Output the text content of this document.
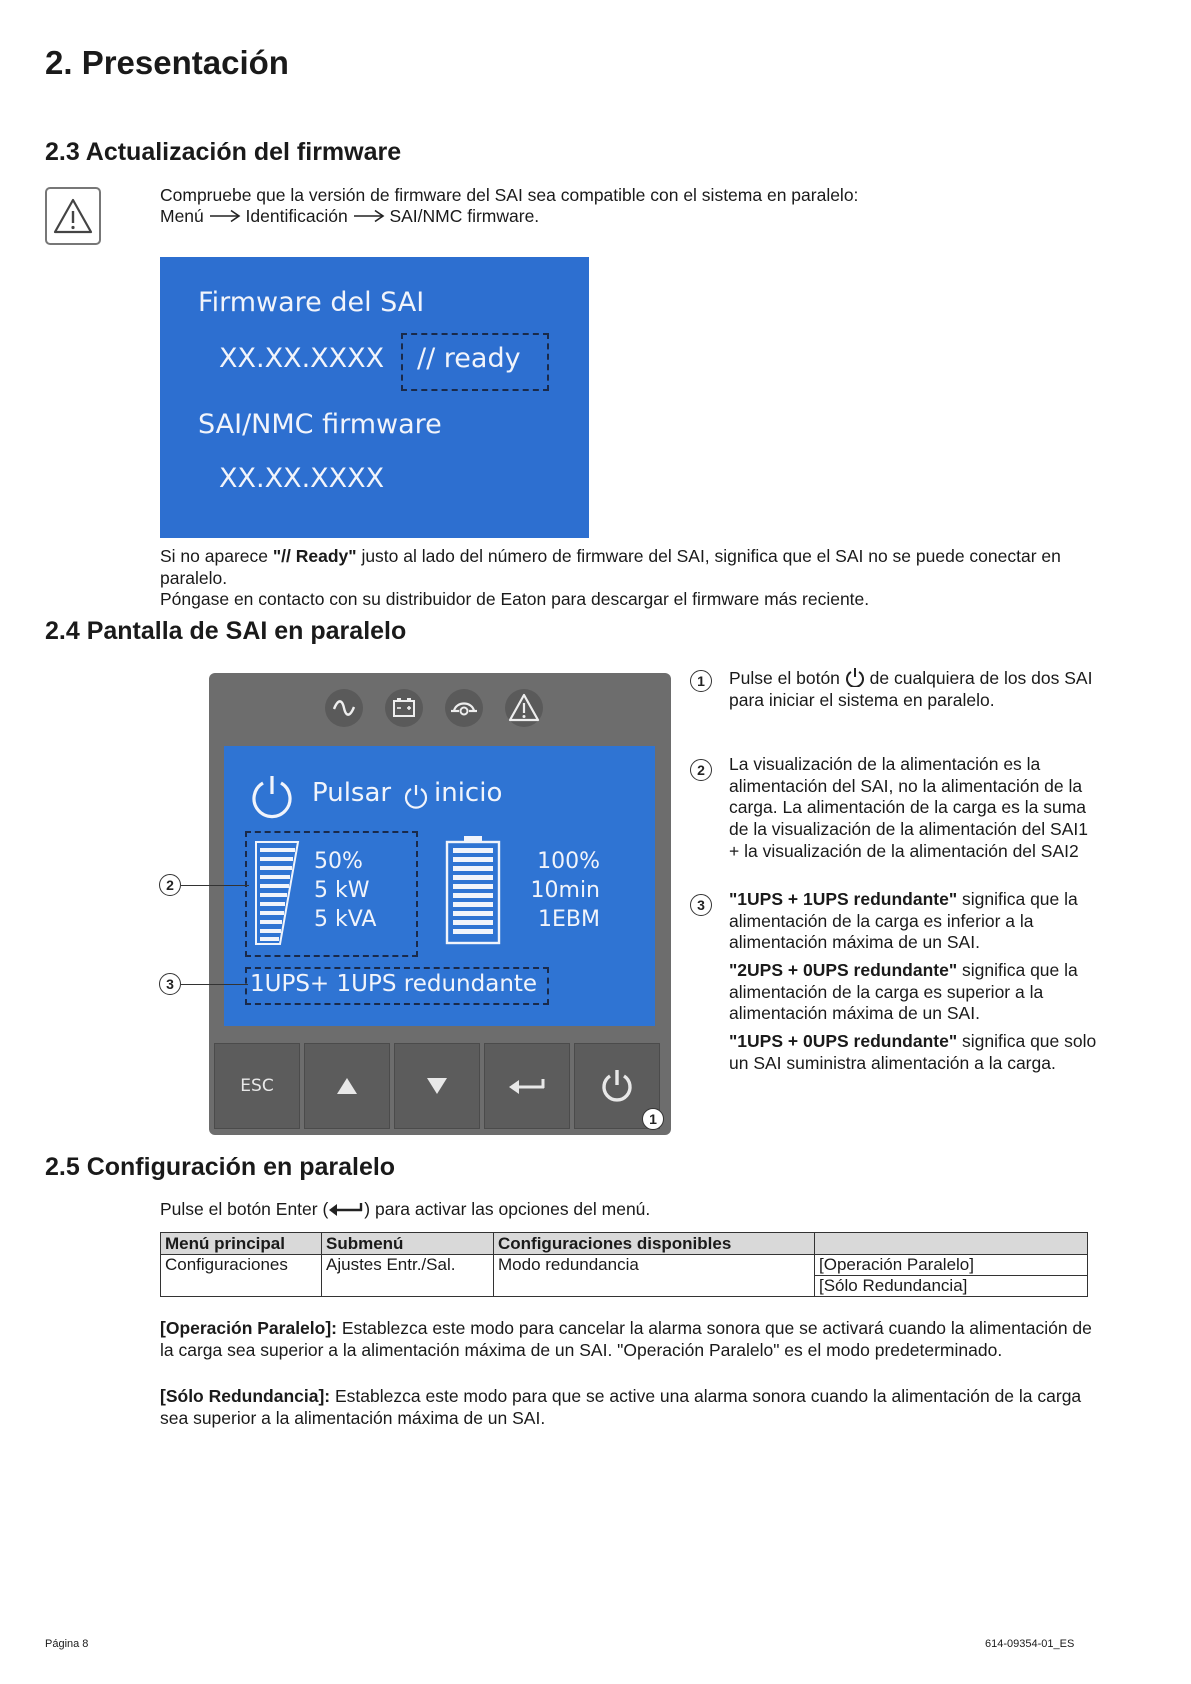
2. Presentación
2.3 Actualización del firmware

Compruebe que la versión de firmware del SAI sea compatible con el sistema en paralelo:

Menú Identificación SAI/NMC firmware.
Firmware del SAI
XX.XX.XXXX // ready
SAI/NMC firmware
XX.XX.XXXX

Si no aparece "// Ready" justo al lado del número de firmware del SAI, significa que el SAI no se puede conectar en paralelo.

Póngase en contacto con su distribuidor de Eaton para descargar el firmware más reciente.

2.4 Pantalla de SAI en paralelo
Pulsar inicio
50%
5 kW
5 kVA
100%
10min
1EBM
1UPS+ 1UPS redundante
ESC
1
2
3
1	Pulse el botón de cualquiera de los dos SAI para iniciar el sistema en paralelo.
2	La visualización de la alimentación es la alimentación del SAI, no la alimentación de la carga. La alimentación de la carga es la suma de la visualización de la alimentación del SAI1 + la visualización de la alimentación del SAI2
3	"1UPS + 1UPS redundante" significa que la alimentación de la carga es inferior a la alimentación máxima de un SAI.
"2UPS + 0UPS redundante" significa que la alimentación de la carga es superior a la alimentación máxima de un SAI.
"1UPS + 0UPS redundante" significa que solo un SAI suministra alimentación a la carga.
2.5 Configuración en paralelo
Pulse el botón Enter ( ) para activar las opciones del menú.
Menú principal	Submenú	Configuraciones disponibles	
Configuraciones	Ajustes Entr./Sal.	Modo redundancia	[Operación Paralelo]
			[Sólo Redundancia]

[Operación Paralelo]: Establezca este modo para cancelar la alarma sonora que se activará cuando la alimentación de la carga sea superior a la alimentación máxima de un SAI. "Operación Paralelo" es el modo predeterminado.

[Sólo Redundancia]: Establezca este modo para que se active una alarma sonora cuando la alimentación de la carga sea superior a la alimentación máxima de un SAI.

Página 8	614-09354-01_ES
